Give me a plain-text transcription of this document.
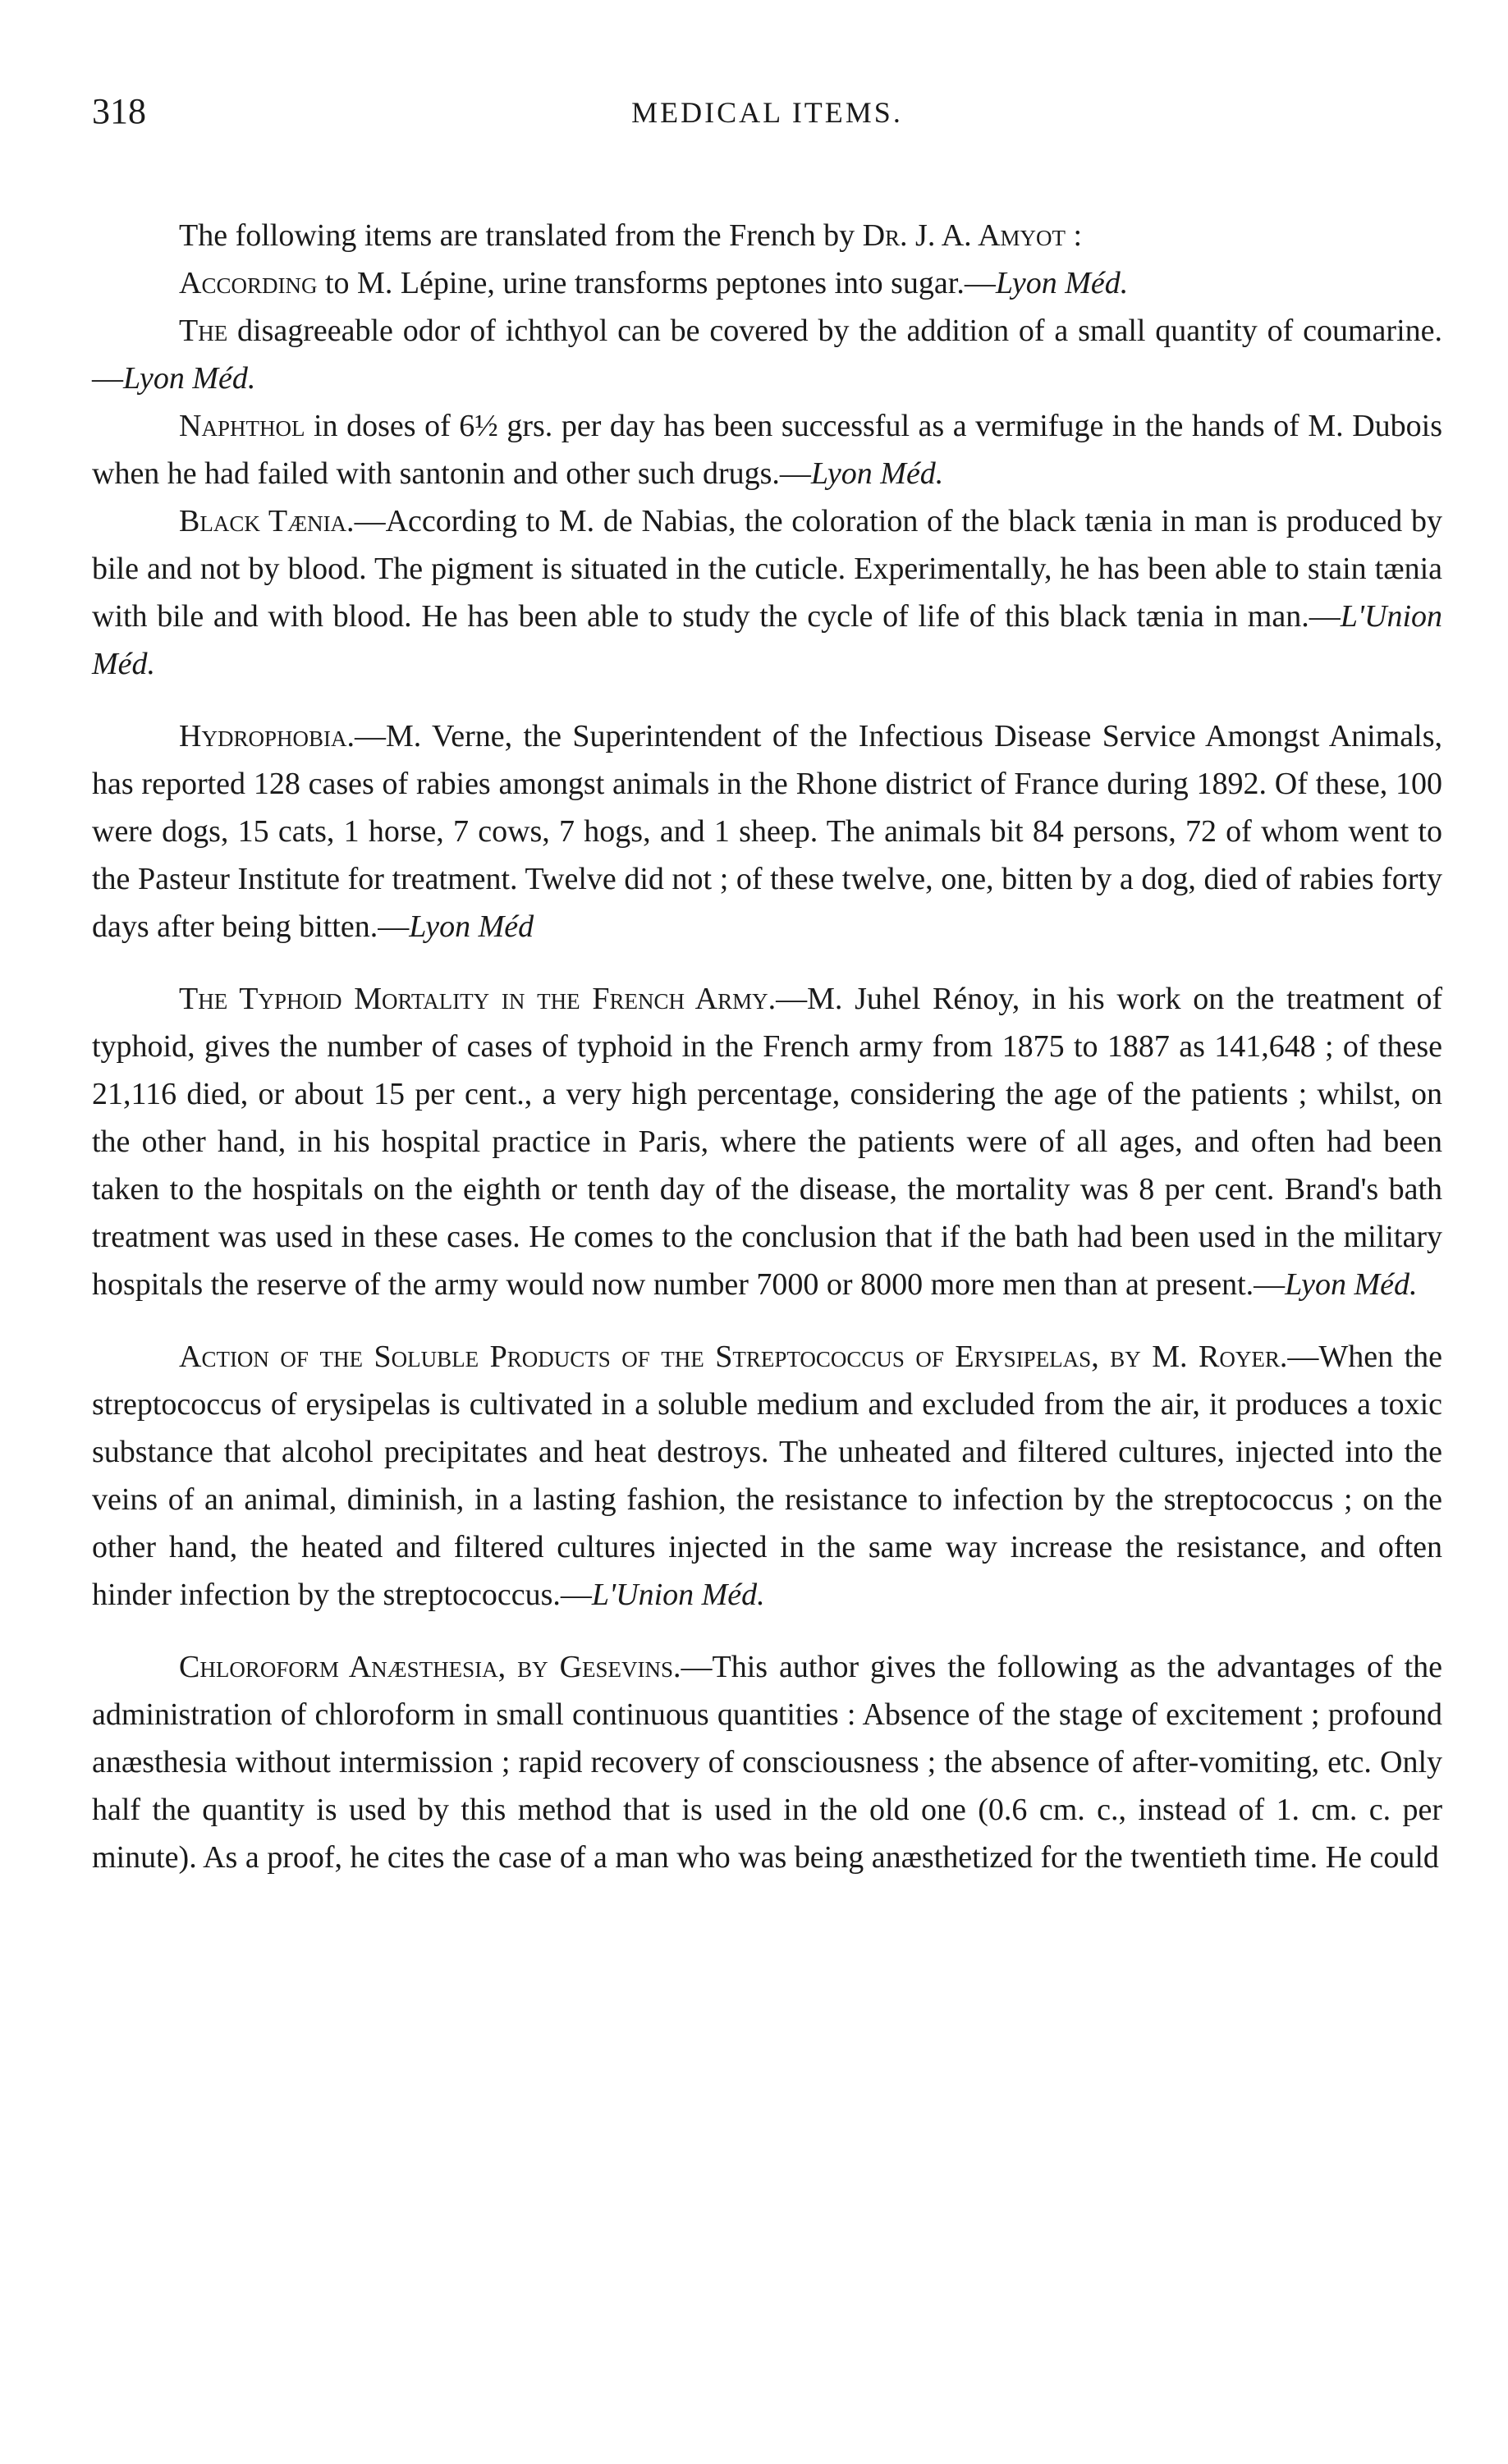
318	MEDICAL ITEMS.

The following items are translated from the French by Dr. J. A. Amyot :

According to M. Lépine, urine transforms peptones into sugar.—Lyon Méd.

The disagreeable odor of ichthyol can be covered by the addition of a small quantity of coumarine.—Lyon Méd.

Naphthol in doses of 6½ grs. per day has been successful as a vermifuge in the hands of M. Dubois when he had failed with santonin and other such drugs.—Lyon Méd.

Black Tænia.—According to M. de Nabias, the coloration of the black tænia in man is produced by bile and not by blood. The pigment is situated in the cuticle. Experimentally, he has been able to stain tænia with bile and with blood. He has been able to study the cycle of life of this black tænia in man.—L'Union Méd.

Hydrophobia.—M. Verne, the Superintendent of the Infectious Disease Service Amongst Animals, has reported 128 cases of rabies amongst animals in the Rhone district of France during 1892. Of these, 100 were dogs, 15 cats, 1 horse, 7 cows, 7 hogs, and 1 sheep. The animals bit 84 persons, 72 of whom went to the Pasteur Institute for treatment. Twelve did not ; of these twelve, one, bitten by a dog, died of rabies forty days after being bitten.—Lyon Méd

The Typhoid Mortality in the French Army.—M. Juhel Rénoy, in his work on the treatment of typhoid, gives the number of cases of typhoid in the French army from 1875 to 1887 as 141,648 ; of these 21,116 died, or about 15 per cent., a very high percentage, considering the age of the patients ; whilst, on the other hand, in his hospital practice in Paris, where the patients were of all ages, and often had been taken to the hospitals on the eighth or tenth day of the disease, the mortality was 8 per cent. Brand's bath treatment was used in these cases. He comes to the conclusion that if the bath had been used in the military hospitals the reserve of the army would now number 7000 or 8000 more men than at present.—Lyon Méd.

Action of the Soluble Products of the Streptococcus of Erysipelas, by M. Royer.—When the streptococcus of erysipelas is cultivated in a soluble medium and excluded from the air, it produces a toxic substance that alcohol precipitates and heat destroys. The unheated and filtered cultures, injected into the veins of an animal, diminish, in a lasting fashion, the resistance to infection by the streptococcus ; on the other hand, the heated and filtered cultures injected in the same way increase the resistance, and often hinder infection by the streptococcus.—L'Union Méd.

Chloroform Anæsthesia, by Gesevins.—This author gives the following as the advantages of the administration of chloroform in small continuous quantities : Absence of the stage of excitement ; profound anæsthesia without intermission ; rapid recovery of consciousness ; the absence of after-vomiting, etc. Only half the quantity is used by this method that is used in the old one (0.6 cm. c., instead of 1. cm. c. per minute). As a proof, he cites the case of a man who was being anæsthetized for the twentieth time. He could
